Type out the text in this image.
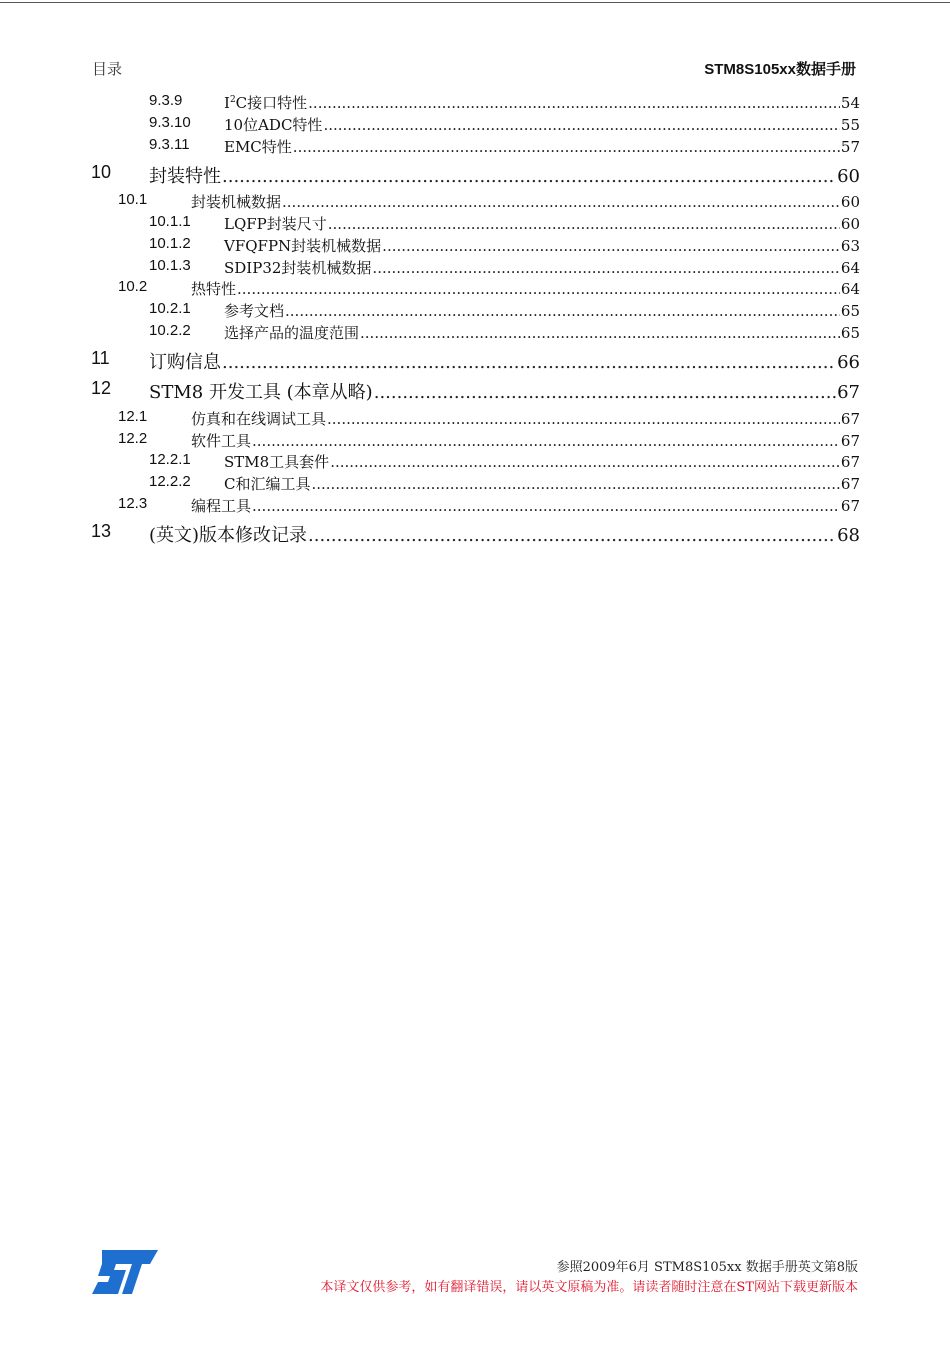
目录	STM8S105xx数据手册
9.3.9	$I^2C$接口特性 .....	54
9.3.10 10位ADC特性 .....	55
9.3.11 EMC特性 .....	57
10 封装特性 .....	60
10.1	封装机械数据 .....	60
10.1.1 LQFP封装尺寸 .....	60
10.1.2 VFQFPN封装机械数据 .....	63
10.1.3 SDIP32封装机械数据 .....	64
10.2	热特性 .....	64
10.2.1 参考文档 .....	65
10.2.2 选择产品的温度范围 .....	65
11 订购信息 .....	66
12 STM8 开发工具 (本章从略) .....	67
12.1	仿真和在线调试工具 .....	67
12.2	软件工具 .....	67
12.2.1 STM8工具套件 .....	67
12.2.2 C和汇编工具 .....	67
12.3	编程工具 .....	67
13 (英文)版本修改记录 .....	68
参照2009年6月 STM8S105xx 数据手册英文第8版
本译文仅供参考，如有翻译错误，请以英文原稿为准。请读者随时注意在ST网站下载更新版本
